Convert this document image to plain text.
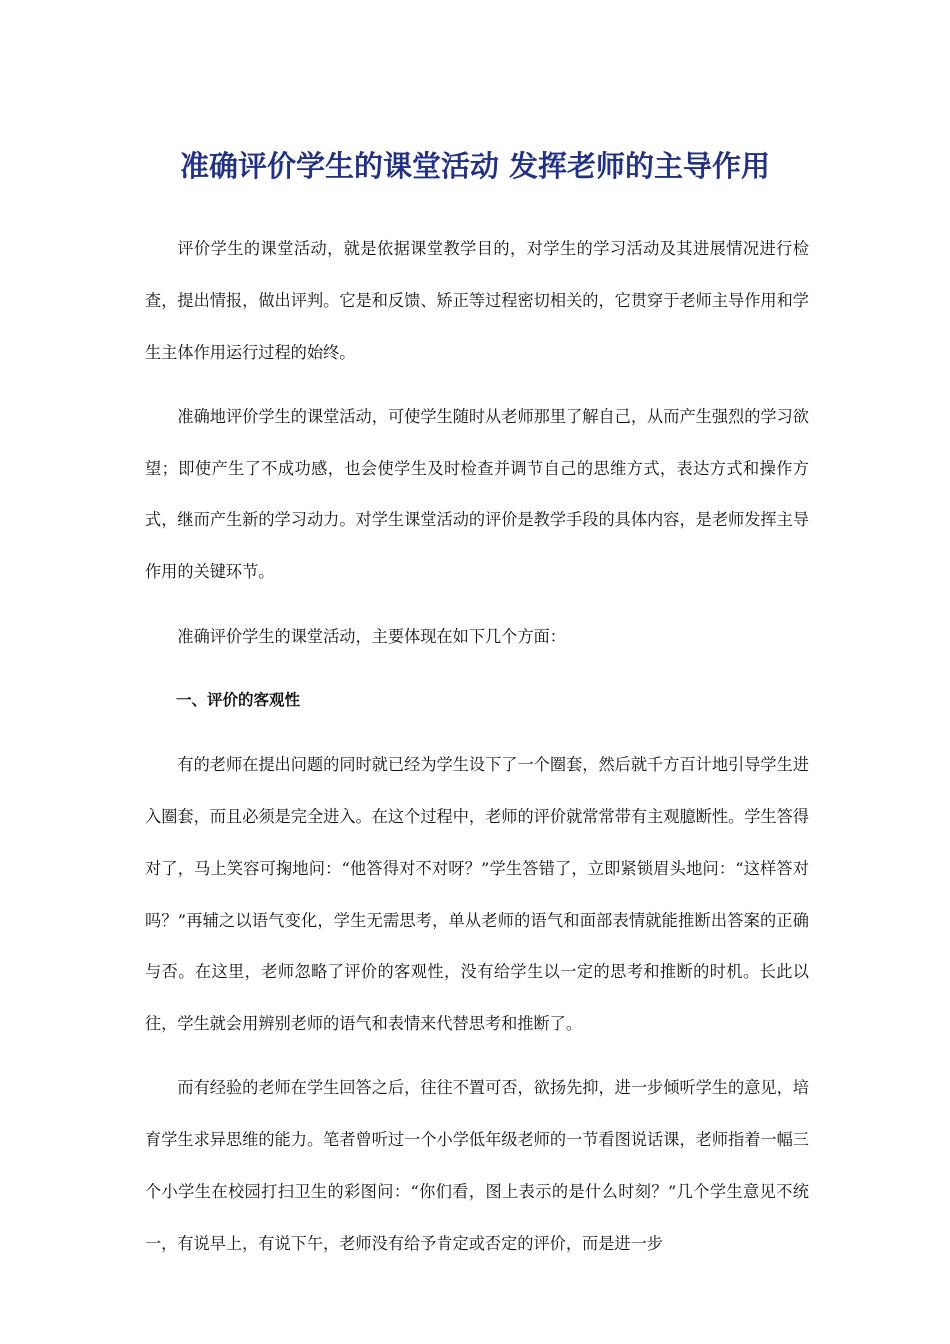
准确评价学生的课堂活动 发挥老师的主导作用

评价学生的课堂活动，就是依据课堂教学目的，对学生的学习活动及其进展情况进行检查，提出情报，做出评判。它是和反馈、矫正等过程密切相关的，它贯穿于老师主导作用和学生主体作用运行过程的始终。

准确地评价学生的课堂活动，可使学生随时从老师那里了解自己，从而产生强烈的学习欲望；即使产生了不成功感，也会使学生及时检查并调节自己的思维方式，表达方式和操作方式，继而产生新的学习动力。对学生课堂活动的评价是教学手段的具体内容，是老师发挥主导作用的关键环节。

准确评价学生的课堂活动，主要体现在如下几个方面：

一、评价的客观性

有的老师在提出问题的同时就已经为学生设下了一个圈套，然后就千方百计地引导学生进入圈套，而且必须是完全进入。在这个过程中，老师的评价就常常带有主观臆断性。学生答得对了，马上笑容可掬地问：“他答得对不对呀？”学生答错了，立即紧锁眉头地问：“这样答对吗？”再辅之以语气变化，学生无需思考，单从老师的语气和面部表情就能推断出答案的正确与否。在这里，老师忽略了评价的客观性，没有给学生以一定的思考和推断的时机。长此以往，学生就会用辨别老师的语气和表情来代替思考和推断了。

而有经验的老师在学生回答之后，往往不置可否，欲扬先抑，进一步倾听学生的意见，培育学生求异思维的能力。笔者曾听过一个小学低年级老师的一节看图说话课，老师指着一幅三个小学生在校园打扫卫生的彩图问：“你们看，图上表示的是什么时刻？”几个学生意见不统一，有说早上，有说下午，老师没有给予肯定或否定的评价，而是进一步
